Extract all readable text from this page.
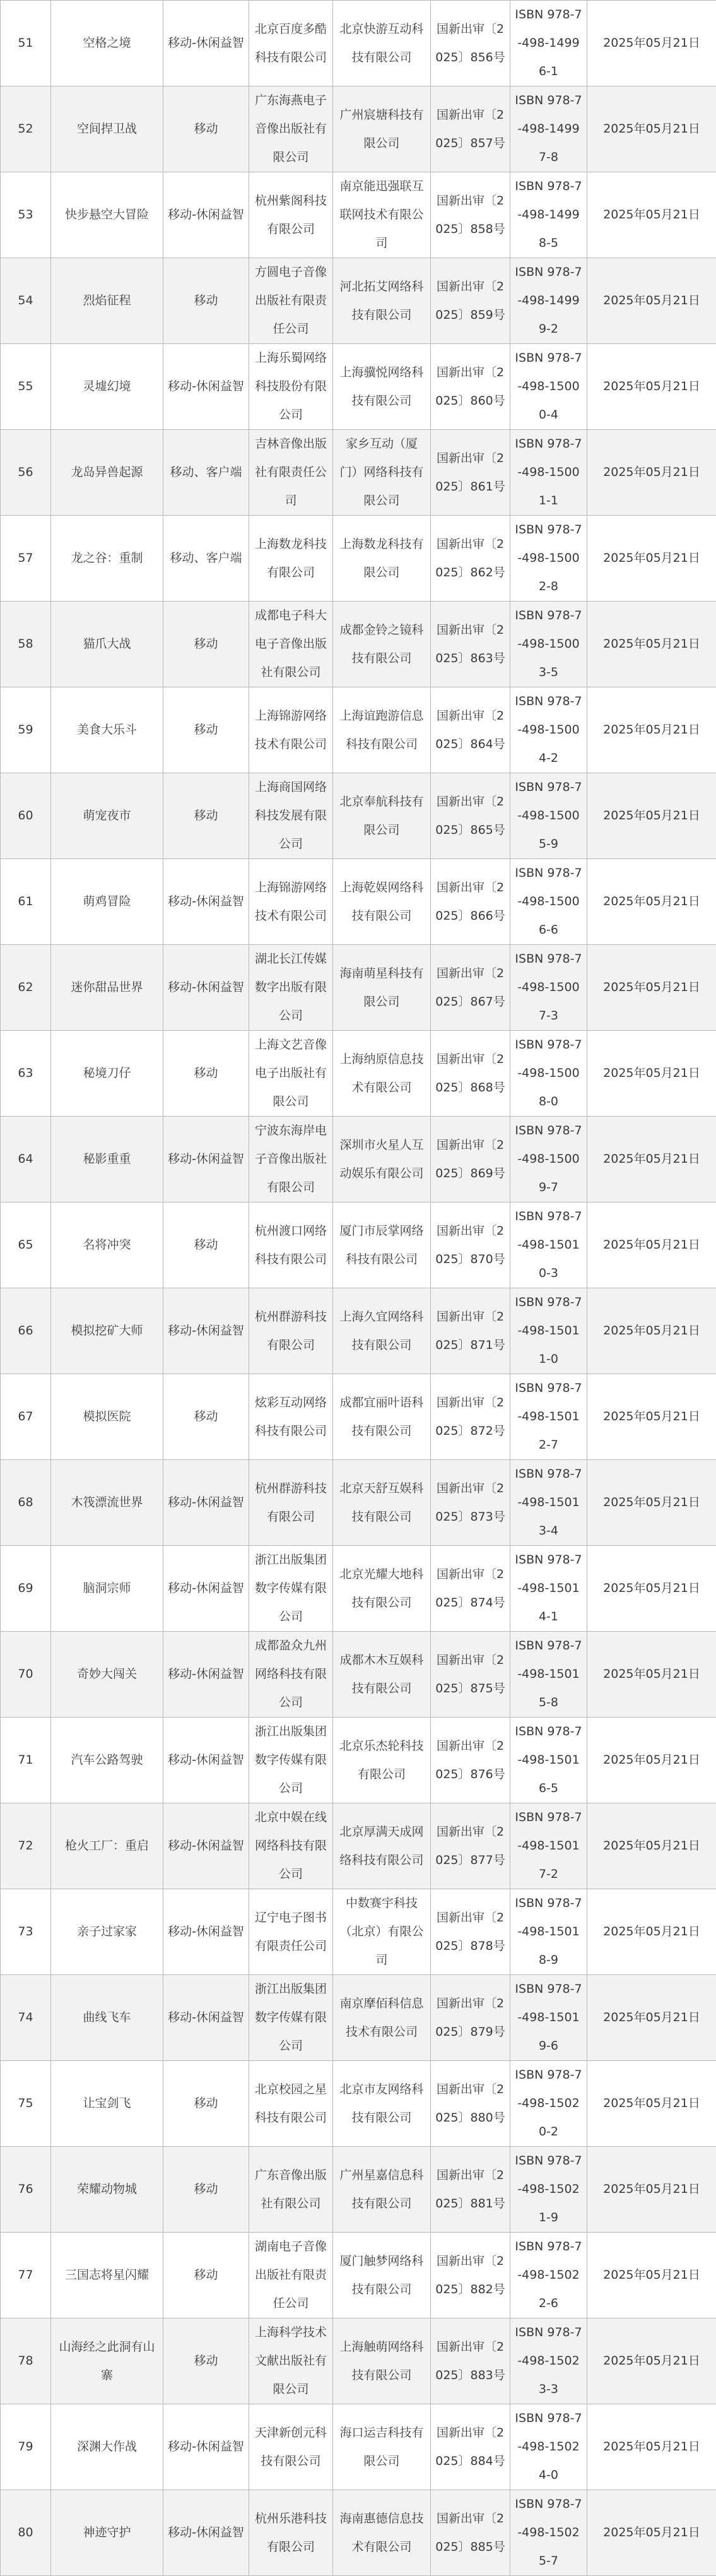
51	空格之境	移动-休闲益智	北京百度多酷科技有限公司	北京快游互动科技有限公司	国新出审〔2025〕856号	ISBN 978-7-498-14996-1	2025年05月21日
52	空间捍卫战	移动	广东海燕电子音像出版社有限公司	广州宸塘科技有限公司	国新出审〔2025〕857号	ISBN 978-7-498-14997-8	2025年05月21日
53	快步悬空大冒险	移动-休闲益智	杭州紫阁科技有限公司	南京能迅强联互联网技术有限公司	国新出审〔2025〕858号	ISBN 978-7-498-14998-5	2025年05月21日
54	烈焰征程	移动	方圆电子音像出版社有限责任公司	河北拓艾网络科技有限公司	国新出审〔2025〕859号	ISBN 978-7-498-14999-2	2025年05月21日
55	灵墟幻境	移动-休闲益智	上海乐蜀网络科技股份有限公司	上海骥悦网络科技有限公司	国新出审〔2025〕860号	ISBN 978-7-498-15000-4	2025年05月21日
56	龙岛异兽起源	移动、客户端	吉林音像出版社有限责任公司	家乡互动（厦门）网络科技有限公司	国新出审〔2025〕861号	ISBN 978-7-498-15001-1	2025年05月21日
57	龙之谷：重制	移动、客户端	上海数龙科技有限公司	上海数龙科技有限公司	国新出审〔2025〕862号	ISBN 978-7-498-15002-8	2025年05月21日
58	猫爪大战	移动	成都电子科大电子音像出版社有限公司	成都金铃之镜科技有限公司	国新出审〔2025〕863号	ISBN 978-7-498-15003-5	2025年05月21日
59	美食大乐斗	移动	上海锦游网络技术有限公司	上海谊跑游信息科技有限公司	国新出审〔2025〕864号	ISBN 978-7-498-15004-2	2025年05月21日
60	萌宠夜市	移动	上海商国网络科技发展有限公司	北京奉航科技有限公司	国新出审〔2025〕865号	ISBN 978-7-498-15005-9	2025年05月21日
61	萌鸡冒险	移动-休闲益智	上海锦游网络技术有限公司	上海乾娱网络科技有限公司	国新出审〔2025〕866号	ISBN 978-7-498-15006-6	2025年05月21日
62	迷你甜品世界	移动-休闲益智	湖北长江传媒数字出版有限公司	海南萌星科技有限公司	国新出审〔2025〕867号	ISBN 978-7-498-15007-3	2025年05月21日
63	秘境刀仔	移动	上海文艺音像电子出版社有限公司	上海纳原信息技术有限公司	国新出审〔2025〕868号	ISBN 978-7-498-15008-0	2025年05月21日
64	秘影重重	移动-休闲益智	宁波东海岸电子音像出版社有限公司	深圳市火星人互动娱乐有限公司	国新出审〔2025〕869号	ISBN 978-7-498-15009-7	2025年05月21日
65	名将冲突	移动	杭州渡口网络科技有限公司	厦门市辰掌网络科技有限公司	国新出审〔2025〕870号	ISBN 978-7-498-15010-3	2025年05月21日
66	模拟挖矿大师	移动-休闲益智	杭州群游科技有限公司	上海久宜网络科技有限公司	国新出审〔2025〕871号	ISBN 978-7-498-15011-0	2025年05月21日
67	模拟医院	移动	炫彩互动网络科技有限公司	成都宜丽叶语科技有限公司	国新出审〔2025〕872号	ISBN 978-7-498-15012-7	2025年05月21日
68	木筏漂流世界	移动-休闲益智	杭州群游科技有限公司	北京天舒互娱科技有限公司	国新出审〔2025〕873号	ISBN 978-7-498-15013-4	2025年05月21日
69	脑洞宗师	移动-休闲益智	浙江出版集团数字传媒有限公司	北京光耀大地科技有限公司	国新出审〔2025〕874号	ISBN 978-7-498-15014-1	2025年05月21日
70	奇妙大闯关	移动-休闲益智	成都盈众九州网络科技有限公司	成都木木互娱科技有限公司	国新出审〔2025〕875号	ISBN 978-7-498-15015-8	2025年05月21日
71	汽车公路驾驶	移动-休闲益智	浙江出版集团数字传媒有限公司	北京乐杰轮科技有限公司	国新出审〔2025〕876号	ISBN 978-7-498-15016-5	2025年05月21日
72	枪火工厂：重启	移动-休闲益智	北京中娱在线网络科技有限公司	北京厚满天成网络科技有限公司	国新出审〔2025〕877号	ISBN 978-7-498-15017-2	2025年05月21日
73	亲子过家家	移动-休闲益智	辽宁电子图书有限责任公司	中数赛宇科技（北京）有限公司	国新出审〔2025〕878号	ISBN 978-7-498-15018-9	2025年05月21日
74	曲线飞车	移动-休闲益智	浙江出版集团数字传媒有限公司	南京摩佰科信息技术有限公司	国新出审〔2025〕879号	ISBN 978-7-498-15019-6	2025年05月21日
75	让宝剑飞	移动	北京校园之星科技有限公司	北京市友网络科技有限公司	国新出审〔2025〕880号	ISBN 978-7-498-15020-2	2025年05月21日
76	荣耀动物城	移动	广东音像出版社有限公司	广州星嘉信息科技有限公司	国新出审〔2025〕881号	ISBN 978-7-498-15021-9	2025年05月21日
77	三国志将星闪耀	移动	湖南电子音像出版社有限责任公司	厦门触梦网络科技有限公司	国新出审〔2025〕882号	ISBN 978-7-498-15022-6	2025年05月21日
78	山海经之此洞有山寨	移动	上海科学技术文献出版社有限公司	上海触萌网络科技有限公司	国新出审〔2025〕883号	ISBN 978-7-498-15023-3	2025年05月21日
79	深渊大作战	移动-休闲益智	天津新创元科技有限公司	海口运吉科技有限公司	国新出审〔2025〕884号	ISBN 978-7-498-15024-0	2025年05月21日
80	神迹守护	移动-休闲益智	杭州乐港科技有限公司	海南惠德信息技术有限公司	国新出审〔2025〕885号	ISBN 978-7-498-15025-7	2025年05月21日
